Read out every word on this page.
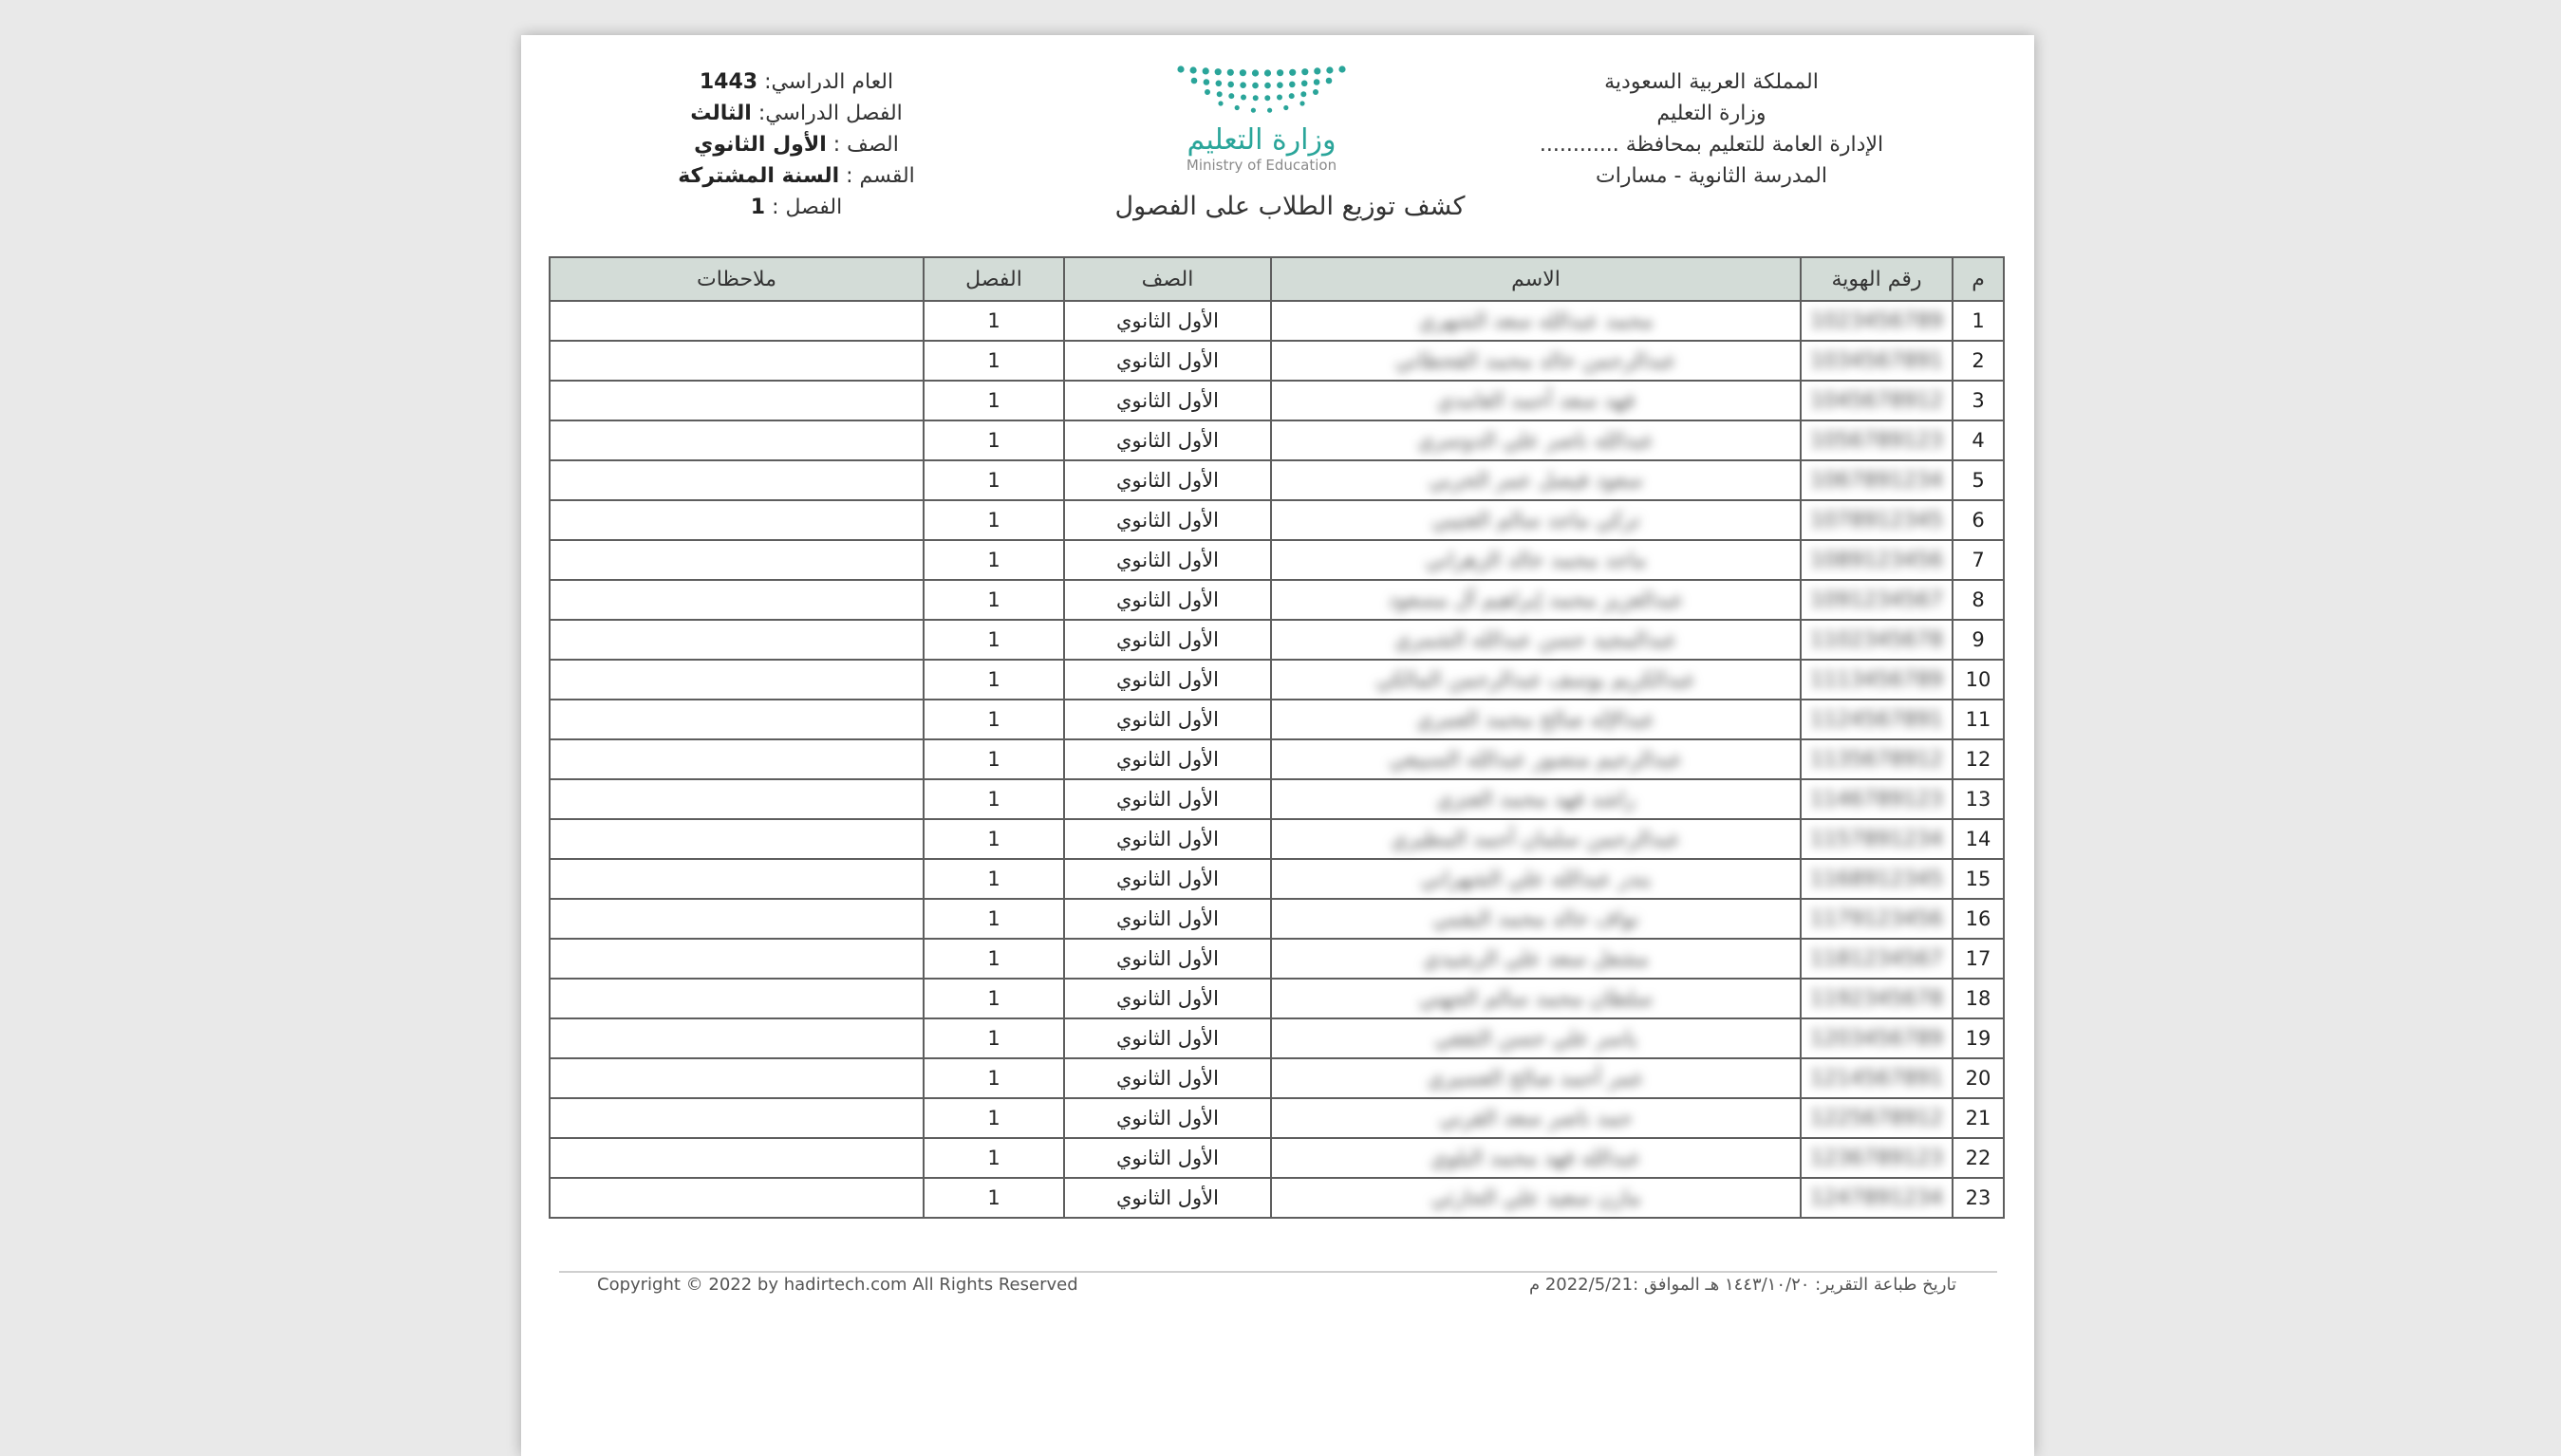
المملكة العربية السعودية
وزارة التعليم
الإدارة العامة للتعليم بمحافظة ............
المدرسة الثانوية - مسارات
وزارة التعليم
Ministry of Education
العام الدراسي: 1443
الفصل الدراسي: الثالث
الصف : الأول الثانوي
القسم : السنة المشتركة
الفصل : 1	كشف توزيع الطلاب على الفصول
م	رقم الهوية	الاسم	الصف	الفصل	ملاحظات
1	1023456789	محمد عبدالله سعد الشهري	الأول الثانوي	1	
2	1034567891	عبدالرحمن خالد محمد القحطاني	الأول الثانوي	1	
3	1045678912	فهد سعد أحمد الغامدي	الأول الثانوي	1	
4	1056789123	عبدالله ناصر علي الدوسري	الأول الثانوي	1	
5	1067891234	سعود فيصل عمر الحربي	الأول الثانوي	1	
6	1078912345	تركي ماجد سالم العتيبي	الأول الثانوي	1	
7	1089123456	ماجد محمد خالد الزهراني	الأول الثانوي	1	
8	1091234567	عبدالعزيز محمد إبراهيم آل مسعود	الأول الثانوي	1	
9	1102345678	عبدالمجيد حسن عبدالله الشمري	الأول الثانوي	1	
10	1113456789	عبدالكريم يوسف عبدالرحمن المالكي	الأول الثانوي	1	
11	1124567891	عبدالإله صالح محمد العمري	الأول الثانوي	1	
12	1135678912	عبدالرحيم منصور عبدالله السبيعي	الأول الثانوي	1	
13	1146789123	راشد فهد محمد العنزي	الأول الثانوي	1	
14	1157891234	عبدالرحمن سلمان أحمد المطيري	الأول الثانوي	1	
15	1168912345	بندر عبدالله علي الشهراني	الأول الثانوي	1	
16	1179123456	نواف خالد محمد البقمي	الأول الثانوي	1	
17	1181234567	مشعل سعد علي الرشيدي	الأول الثانوي	1	
18	1192345678	سلطان محمد سالم الجهني	الأول الثانوي	1	
19	1203456789	ياسر علي حسن الثقفي	الأول الثانوي	1	
20	1214567891	عمر أحمد صالح العسيري	الأول الثانوي	1	
21	1225678912	حمد ناصر سعد القرني	الأول الثانوي	1	
22	1236789123	عبدالله فهد محمد البلوي	الأول الثانوي	1	
23	1247891234	مازن سعيد علي الحارثي	الأول الثانوي	1	
Copyright © 2022 by hadirtech.com All Rights Reserved	تاريخ طباعة التقرير: ١٤٤٣/١٠/٢٠ هـ الموافق :2022/5/21 م
